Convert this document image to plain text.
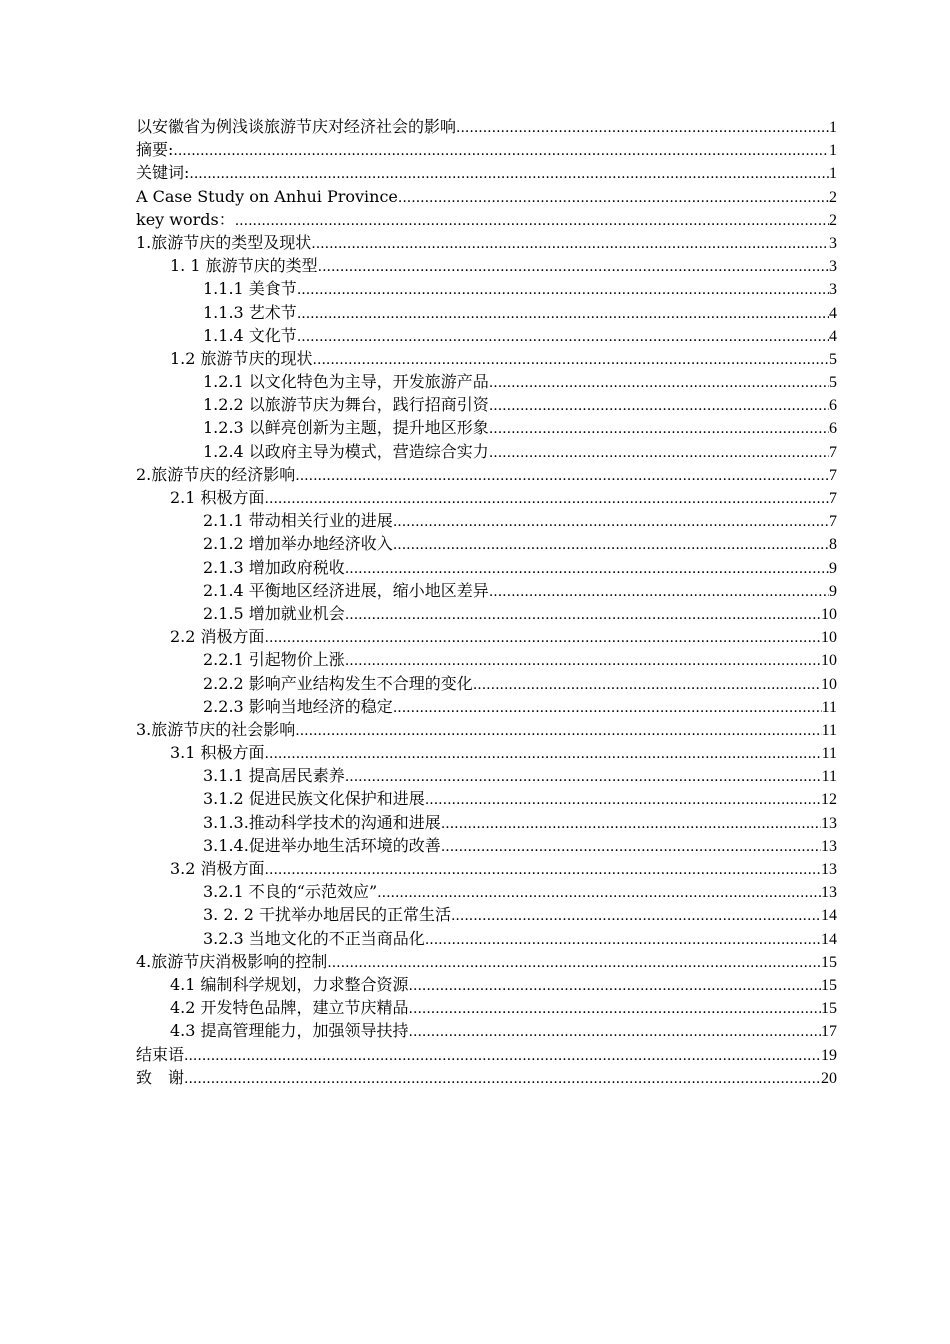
以安徽省为例浅谈旅游节庆对经济社会的影响 .....	1
摘要: .....	1
关键词: .....	1
A Case Study on Anhui Province .....	2
key words： .....	2
1.旅游节庆的类型及现状 .....	3
1. 1 旅游节庆的类型 .....	3
1.1.1 美食节 .....	3
1.1.3 艺术节 .....	4
1.1.4 文化节 .....	4
1.2 旅游节庆的现状 .....	5
1.2.1 以文化特色为主导，开发旅游产品 .....	5
1.2.2 以旅游节庆为舞台，践行招商引资 .....	6
1.2.3 以鲜亮创新为主题，提升地区形象 .....	6
1.2.4 以政府主导为模式，营造综合实力 .....	7
2.旅游节庆的经济影响 .....	7
2.1 积极方面 .....	7
2.1.1 带动相关行业的进展 .....	7
2.1.2 增加举办地经济收入 .....	8
2.1.3 增加政府税收 .....	9
2.1.4 平衡地区经济进展，缩小地区差异 .....	9
2.1.5 增加就业机会 .....	10
2.2 消极方面 .....	10
2.2.1 引起物价上涨 .....	10
2.2.2 影响产业结构发生不合理的变化 .....	10
2.2.3 影响当地经济的稳定 .....	11
3.旅游节庆的社会影响 .....	11
3.1 积极方面 .....	11
3.1.1 提高居民素养 .....	11
3.1.2 促进民族文化保护和进展 .....	12
3.1.3.推动科学技术的沟通和进展 .....	13
3.1.4.促进举办地生活环境的改善 .....	13
3.2 消极方面 .....	13
3.2.1 不良的“示范效应” .....	13
3. 2. 2 干扰举办地居民的正常生活 .....	14
3.2.3 当地文化的不正当商品化 .....	14
4.旅游节庆消极影响的控制 .....	15
4.1 编制科学规划，力求整合资源 .....	15
4.2 开发特色品牌，建立节庆精品 .....	15
4.3 提高管理能力，加强领导扶持 .....	17
结束语 .....	19
致　谢 .....	20
